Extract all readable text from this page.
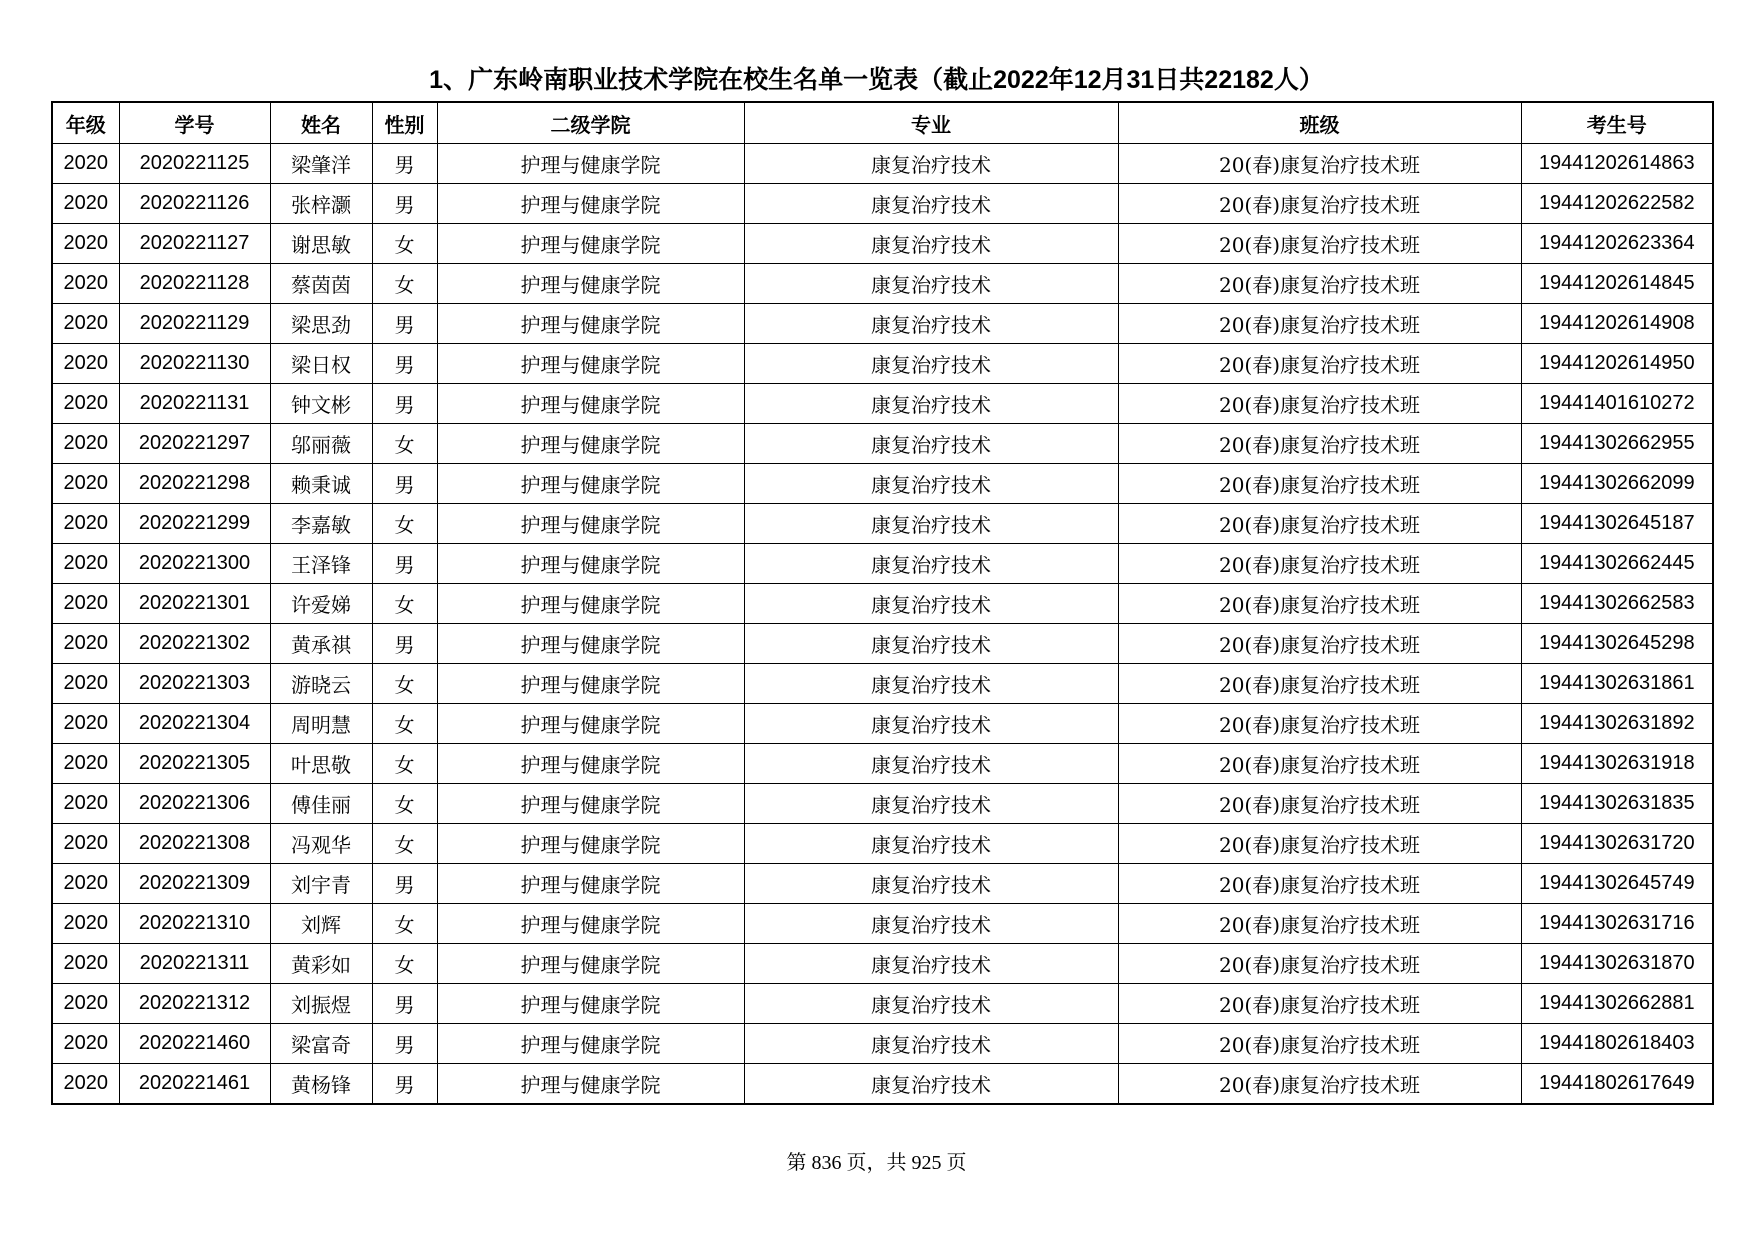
1、广东岭南职业技术学院在校生名单一览表（截止2022年12月31日共22182人）
年级	学号	姓名	性别	二级学院	专业	班级	考生号
2020	2020221125	梁肇洋	男	护理与健康学院	康复治疗技术	20(春)康复治疗技术班	19441202614863
2020	2020221126	张梓灏	男	护理与健康学院	康复治疗技术	20(春)康复治疗技术班	19441202622582
2020	2020221127	谢思敏	女	护理与健康学院	康复治疗技术	20(春)康复治疗技术班	19441202623364
2020	2020221128	蔡茵茵	女	护理与健康学院	康复治疗技术	20(春)康复治疗技术班	19441202614845
2020	2020221129	梁思劲	男	护理与健康学院	康复治疗技术	20(春)康复治疗技术班	19441202614908
2020	2020221130	梁日权	男	护理与健康学院	康复治疗技术	20(春)康复治疗技术班	19441202614950
2020	2020221131	钟文彬	男	护理与健康学院	康复治疗技术	20(春)康复治疗技术班	19441401610272
2020	2020221297	邬丽薇	女	护理与健康学院	康复治疗技术	20(春)康复治疗技术班	19441302662955
2020	2020221298	赖秉诚	男	护理与健康学院	康复治疗技术	20(春)康复治疗技术班	19441302662099
2020	2020221299	李嘉敏	女	护理与健康学院	康复治疗技术	20(春)康复治疗技术班	19441302645187
2020	2020221300	王泽锋	男	护理与健康学院	康复治疗技术	20(春)康复治疗技术班	19441302662445
2020	2020221301	许爱娣	女	护理与健康学院	康复治疗技术	20(春)康复治疗技术班	19441302662583
2020	2020221302	黄承祺	男	护理与健康学院	康复治疗技术	20(春)康复治疗技术班	19441302645298
2020	2020221303	游晓云	女	护理与健康学院	康复治疗技术	20(春)康复治疗技术班	19441302631861
2020	2020221304	周明慧	女	护理与健康学院	康复治疗技术	20(春)康复治疗技术班	19441302631892
2020	2020221305	叶思敬	女	护理与健康学院	康复治疗技术	20(春)康复治疗技术班	19441302631918
2020	2020221306	傅佳丽	女	护理与健康学院	康复治疗技术	20(春)康复治疗技术班	19441302631835
2020	2020221308	冯观华	女	护理与健康学院	康复治疗技术	20(春)康复治疗技术班	19441302631720
2020	2020221309	刘宇青	男	护理与健康学院	康复治疗技术	20(春)康复治疗技术班	19441302645749
2020	2020221310	刘辉	女	护理与健康学院	康复治疗技术	20(春)康复治疗技术班	19441302631716
2020	2020221311	黄彩如	女	护理与健康学院	康复治疗技术	20(春)康复治疗技术班	19441302631870
2020	2020221312	刘振煜	男	护理与健康学院	康复治疗技术	20(春)康复治疗技术班	19441302662881
2020	2020221460	梁富奇	男	护理与健康学院	康复治疗技术	20(春)康复治疗技术班	19441802618403
2020	2020221461	黄杨锋	男	护理与健康学院	康复治疗技术	20(春)康复治疗技术班	19441802617649
第 836 页，共 925 页
